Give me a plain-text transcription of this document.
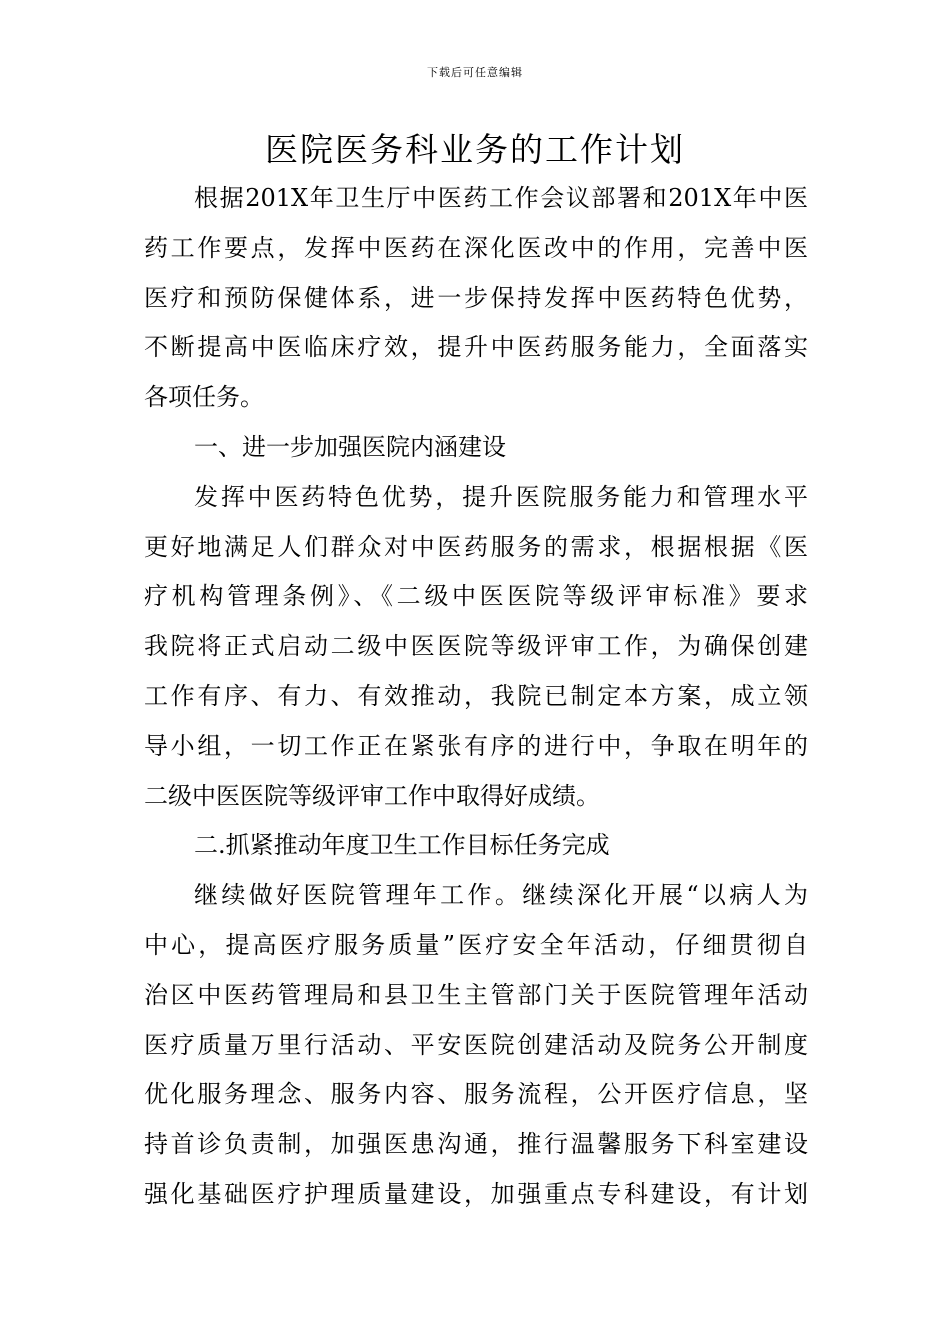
下载后可任意编辑
医院医务科业务的工作计划
根据201X年卫生厅中医药工作会议部署和201X年中医
药工作要点，发挥中医药在深化医改中的作用，完善中医
医疗和预防保健体系，进一步保持发挥中医药特色优势，
不断提高中医临床疗效，提升中医药服务能力，全面落实
各项任务。
一、进一步加强医院内涵建设
发挥中医药特色优势，提升医院服务能力和管理水平
更好地满足人们群众对中医药服务的需求，根据根据《医
疗机构管理条例》、《二级中医医院等级评审标准》要求
我院将正式启动二级中医医院等级评审工作，为确保创建
工作有序、有力、有效推动，我院已制定本方案，成立领
导小组，一切工作正在紧张有序的进行中，争取在明年的
二级中医医院等级评审工作中取得好成绩。
二.抓紧推动年度卫生工作目标任务完成
继续做好医院管理年工作。继续深化开展“以病人为
中心，提高医疗服务质量”医疗安全年活动，仔细贯彻自
治区中医药管理局和县卫生主管部门关于医院管理年活动
医疗质量万里行活动、平安医院创建活动及院务公开制度
优化服务理念、服务内容、服务流程，公开医疗信息，坚
持首诊负责制，加强医患沟通，推行温馨服务下科室建设
强化基础医疗护理质量建设，加强重点专科建设，有计划
